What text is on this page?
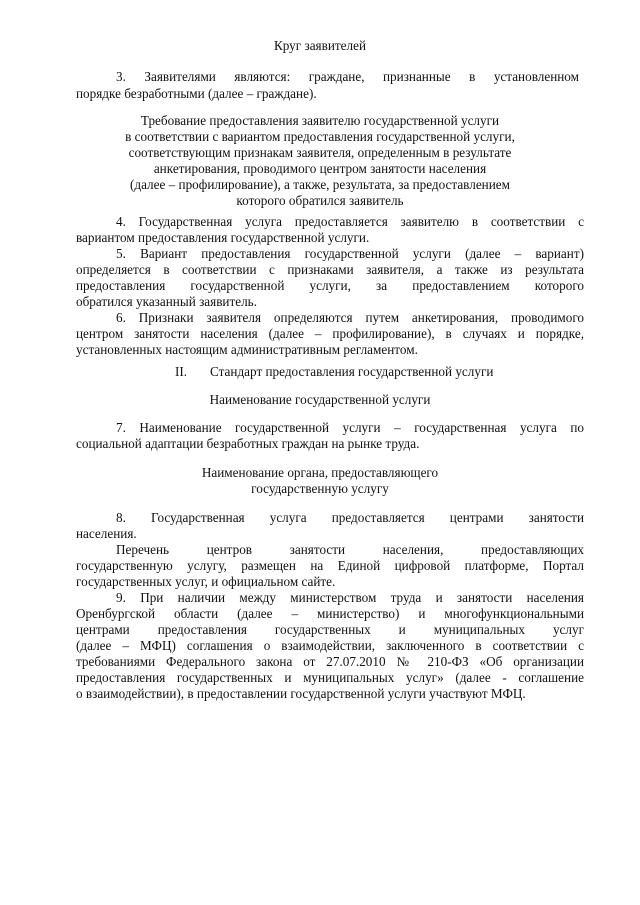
Круг заявителей
3. Заявителями являются: граждане, признанные в установленном
порядке безработными (далее – граждане).
Требование предоставления заявителю государственной услуги
в соответствии с вариантом предоставления государственной услуги,
соответствующим признакам заявителя, определенным в результате
анкетирования, проводимого центром занятости населения
(далее – профилирование), а также, результата, за предоставлением
которого обратился заявитель
4. Государственная услуга предоставляется заявителю в соответствии с
вариантом предоставления государственной услуги.
5. Вариант предоставления государственной услуги (далее – вариант)
определяется в соответствии с признаками заявителя, а также из результата
предоставления государственной услуги, за предоставлением которого
обратился указанный заявитель.
6. Признаки заявителя определяются путем анкетирования, проводимого
центром занятости населения (далее – профилирование), в случаях и порядке,
установленных настоящим административным регламентом.
II. Стандарт предоставления государственной услуги
Наименование государственной услуги
7. Наименование государственной услуги – государственная услуга по
социальной адаптации безработных граждан на рынке труда.
Наименование органа, предоставляющего
государственную услугу
8. Государственная услуга предоставляется центрами занятости
населения.
Перечень центров занятости населения, предоставляющих
государственную услугу, размещен на Единой цифровой платформе, Портал
государственных услуг, и официальном сайте.
9. При наличии между министерством труда и занятости населения
Оренбургской области (далее – министерство) и многофункциональными
центрами предоставления государственных и муниципальных услуг
(далее – МФЦ) соглашения о взаимодействии, заключенного в соответствии с
требованиями Федерального закона от 27.07.2010 № 210-ФЗ «Об организации
предоставления государственных и муниципальных услуг» (далее - соглашение
о взаимодействии), в предоставлении государственной услуги участвуют МФЦ.
